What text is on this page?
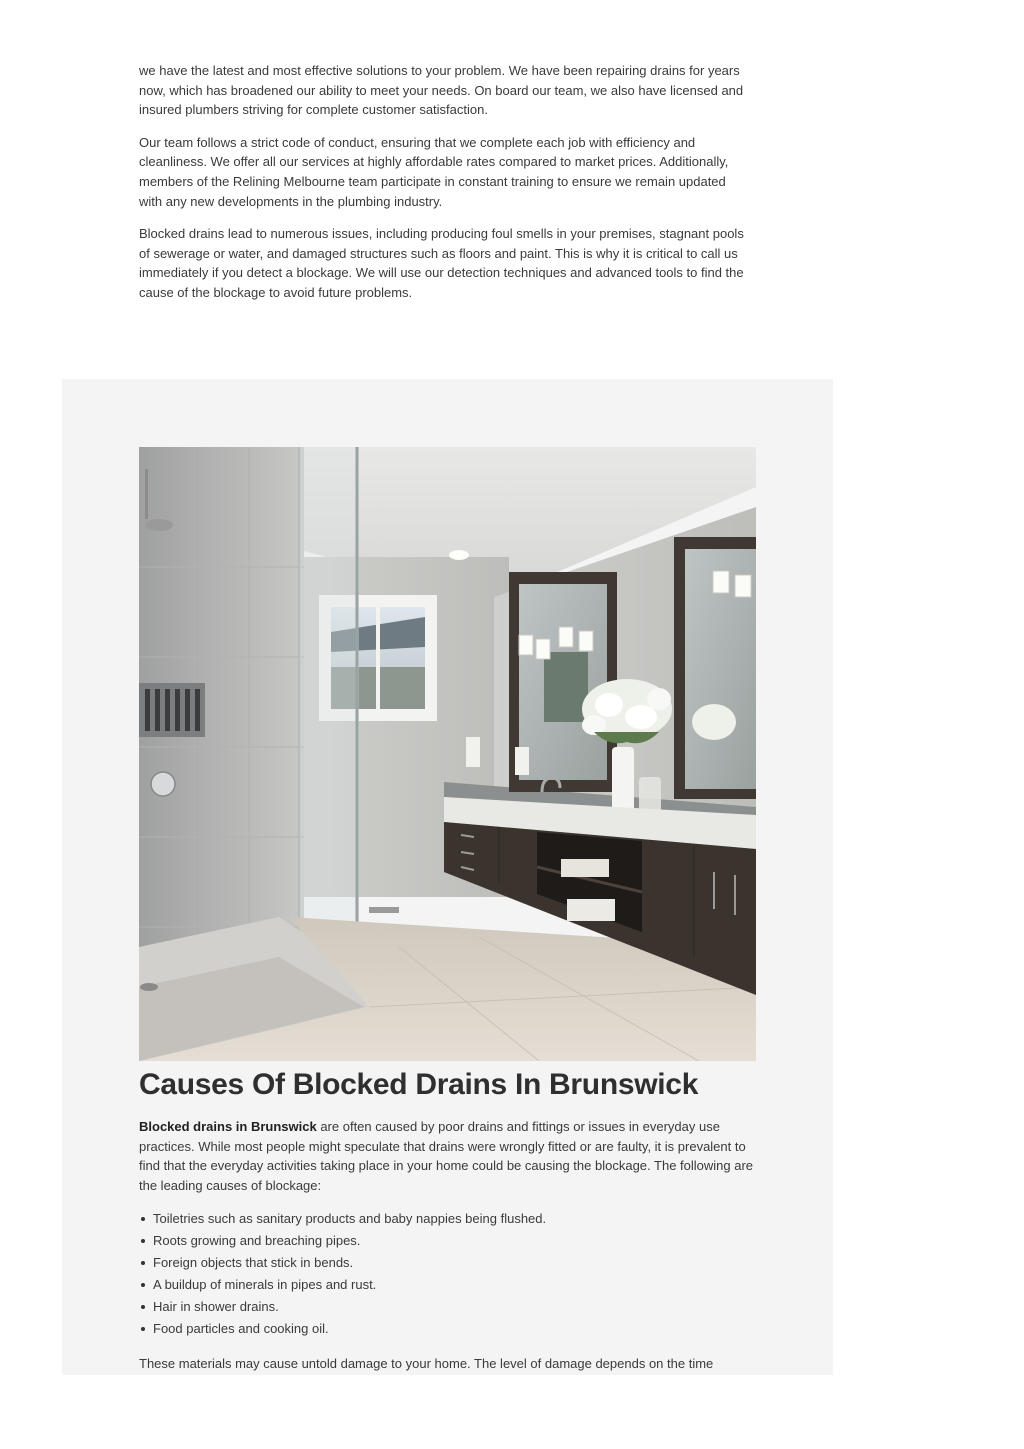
we have the latest and most effective solutions to your problem. We have been repairing drains for years now, which has broadened our ability to meet your needs. On board our team, we also have licensed and insured plumbers striving for complete customer satisfaction.

Our team follows a strict code of conduct, ensuring that we complete each job with efficiency and cleanliness. We offer all our services at highly affordable rates compared to market prices. Additionally, members of the Relining Melbourne team participate in constant training to ensure we remain updated with any new developments in the plumbing industry.

Blocked drains lead to numerous issues, including producing foul smells in your premises, stagnant pools of sewerage or water, and damaged structures such as floors and paint. This is why it is critical to call us immediately if you detect a blockage. We will use our detection techniques and advanced tools to find the cause of the blockage to avoid future problems.

Causes Of Blocked Drains In Brunswick

Blocked drains in Brunswick are often caused by poor drains and fittings or issues in everyday use practices. While most people might speculate that drains were wrongly fitted or are faulty, it is prevalent to find that the everyday activities taking place in your home could be causing the blockage. The following are the leading causes of blockage:

Toiletries such as sanitary products and baby nappies being flushed.
Roots growing and breaching pipes.
Foreign objects that stick in bends.
A buildup of minerals in pipes and rust.
Hair in shower drains.
Food particles and cooking oil.

These materials may cause untold damage to your home. The level of damage depends on the time
